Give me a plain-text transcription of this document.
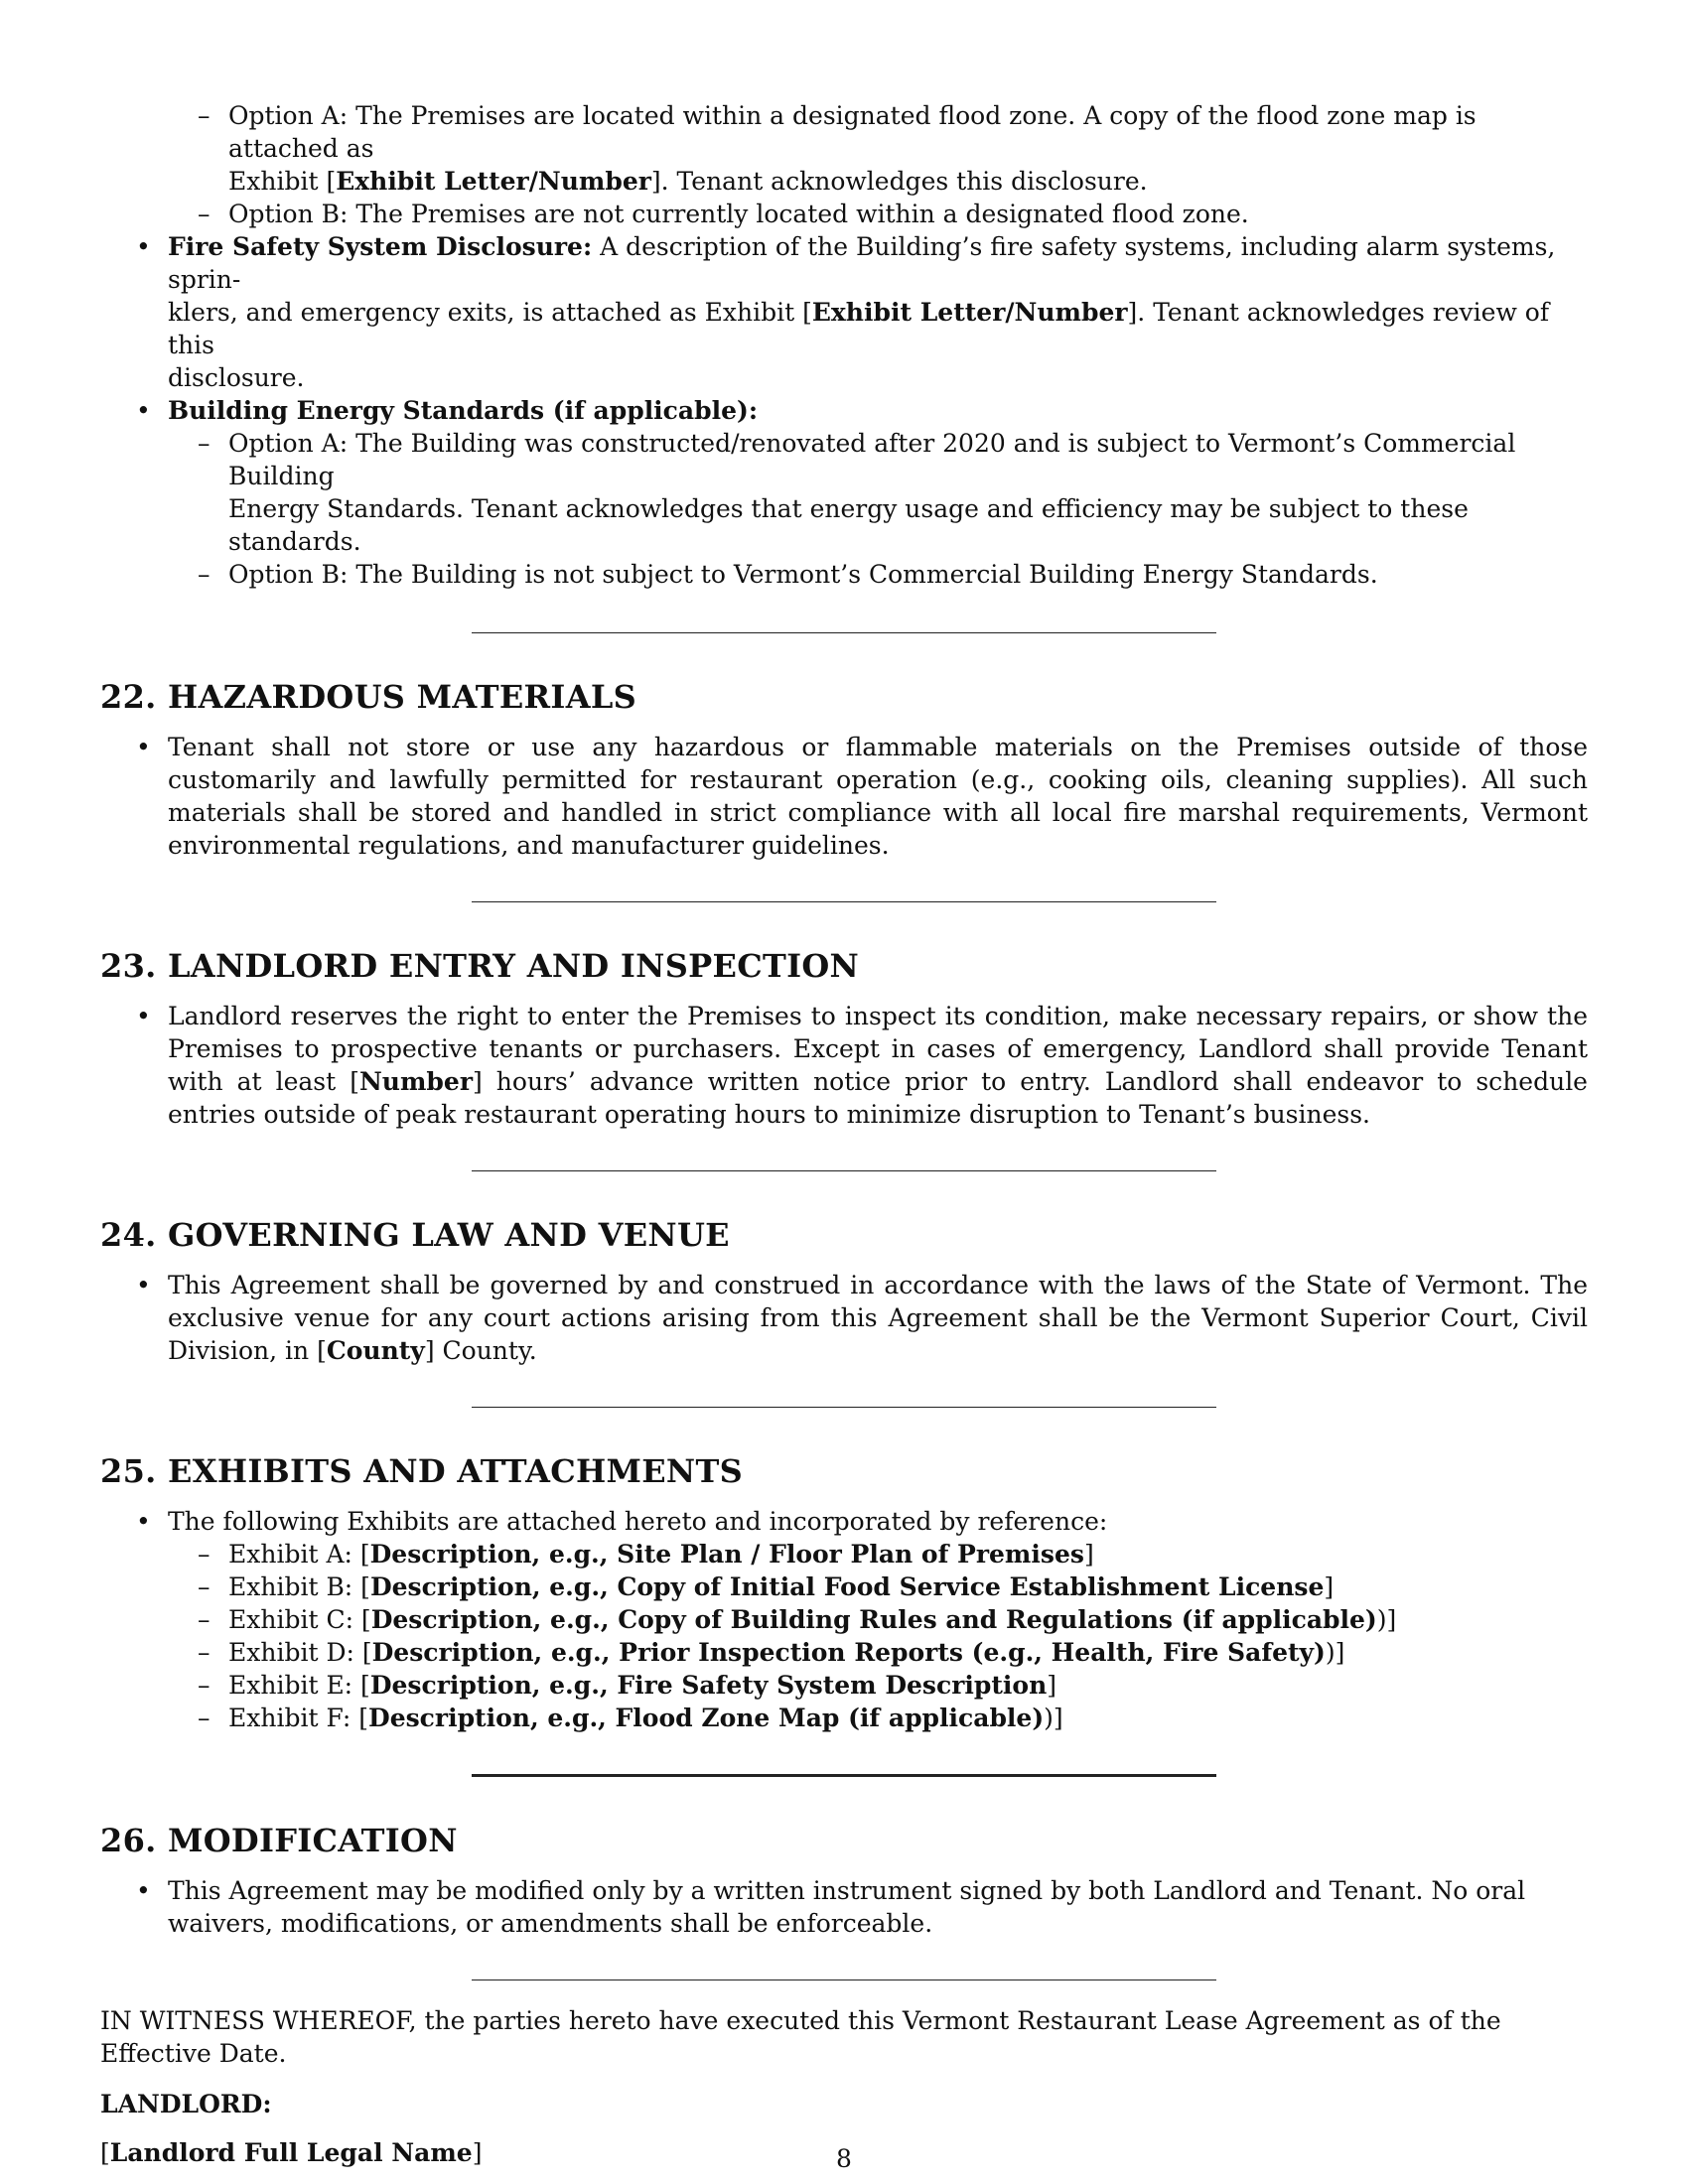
– Option A: The Premises are located within a designated flood zone. A copy of the flood zone map is attached as
Exhibit [Exhibit Letter/Number]. Tenant acknowledges this disclosure.
– Option B: The Premises are not currently located within a designated flood zone.
• Fire Safety System Disclosure: A description of the Building’s fire safety systems, including alarm systems, sprin-
klers, and emergency exits, is attached as Exhibit [Exhibit Letter/Number]. Tenant acknowledges review of this
disclosure.
• Building Energy Standards (if applicable):
– Option A: The Building was constructed/renovated after 2020 and is subject to Vermont’s Commercial Building
Energy Standards. Tenant acknowledges that energy usage and efficiency may be subject to these standards.
– Option B: The Building is not subject to Vermont’s Commercial Building Energy Standards.
22. HAZARDOUS MATERIALS
• Tenant shall not store or use any hazardous or flammable materials on the Premises outside of those customarily and lawfully permitted for restaurant operation (e.g., cooking oils, cleaning supplies). All such materials shall be stored and handled in strict compliance with all local fire marshal requirements, Vermont environmental regulations, and manufacturer guidelines.
23. LANDLORD ENTRY AND INSPECTION
• Landlord reserves the right to enter the Premises to inspect its condition, make necessary repairs, or show the Premises to prospective tenants or purchasers. Except in cases of emergency, Landlord shall provide Tenant with at least [Number] hours’ advance written notice prior to entry. Landlord shall endeavor to schedule entries outside of peak restaurant operating hours to minimize disruption to Tenant’s business.
24. GOVERNING LAW AND VENUE
• This Agreement shall be governed by and construed in accordance with the laws of the State of Vermont. The exclusive venue for any court actions arising from this Agreement shall be the Vermont Superior Court, Civil Division, in [County] County.
25. EXHIBITS AND ATTACHMENTS
• The following Exhibits are attached hereto and incorporated by reference:
– Exhibit A: [Description, e.g., Site Plan / Floor Plan of Premises]
– Exhibit B: [Description, e.g., Copy of Initial Food Service Establishment License]
– Exhibit C: [Description, e.g., Copy of Building Rules and Regulations (if applicable))]
– Exhibit D: [Description, e.g., Prior Inspection Reports (e.g., Health, Fire Safety))]
– Exhibit E: [Description, e.g., Fire Safety System Description]
– Exhibit F: [Description, e.g., Flood Zone Map (if applicable))]
26. MODIFICATION
• This Agreement may be modified only by a written instrument signed by both Landlord and Tenant. No oral waivers, modifications, or amendments shall be enforceable.

IN WITNESS WHEREOF, the parties hereto have executed this Vermont Restaurant Lease Agreement as of the Effective Date.

LANDLORD:

[Landlord Full Legal Name]	8
